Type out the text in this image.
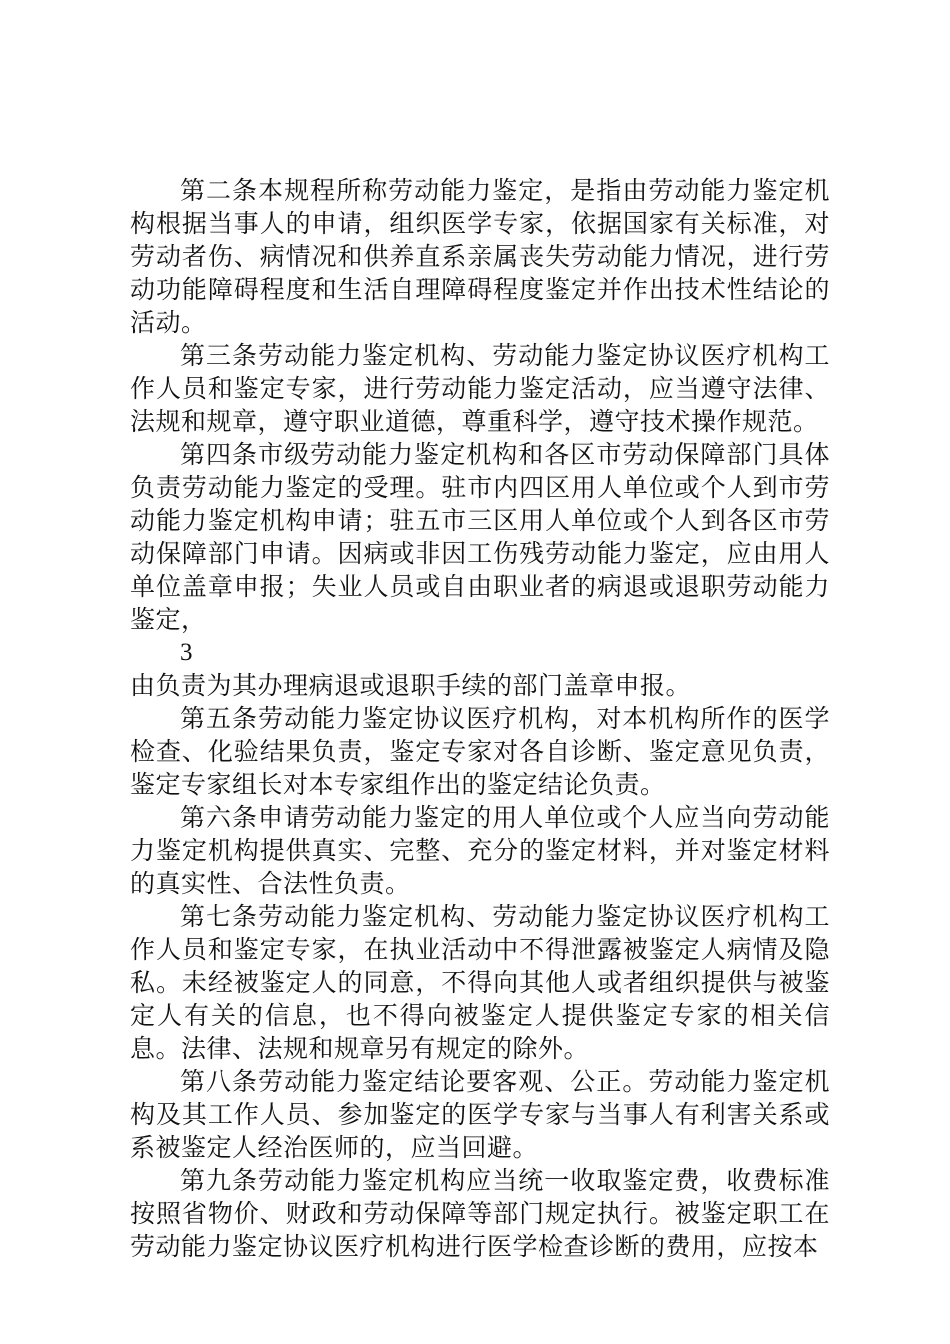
第二条本规程所称劳动能力鉴定，是指由劳动能力鉴定机构根据当事人的申请，组织医学专家，依据国家有关标准，对劳动者伤、病情况和供养直系亲属丧失劳动能力情况，进行劳动功能障碍程度和生活自理障碍程度鉴定并作出技术性结论的活动。

第三条劳动能力鉴定机构、劳动能力鉴定协议医疗机构工作人员和鉴定专家，进行劳动能力鉴定活动，应当遵守法律、法规和规章，遵守职业道德，尊重科学，遵守技术操作规范。

第四条市级劳动能力鉴定机构和各区市劳动保障部门具体负责劳动能力鉴定的受理。驻市内四区用人单位或个人到市劳动能力鉴定机构申请；驻五市三区用人单位或个人到各区市劳动保障部门申请。因病或非因工伤残劳动能力鉴定，应由用人单位盖章申报；失业人员或自由职业者的病退或退职劳动能力鉴定，

3

由负责为其办理病退或退职手续的部门盖章申报。

第五条劳动能力鉴定协议医疗机构，对本机构所作的医学检查、化验结果负责，鉴定专家对各自诊断、鉴定意见负责，鉴定专家组长对本专家组作出的鉴定结论负责。

第六条申请劳动能力鉴定的用人单位或个人应当向劳动能力鉴定机构提供真实、完整、充分的鉴定材料，并对鉴定材料的真实性、合法性负责。

第七条劳动能力鉴定机构、劳动能力鉴定协议医疗机构工作人员和鉴定专家，在执业活动中不得泄露被鉴定人病情及隐私。未经被鉴定人的同意，不得向其他人或者组织提供与被鉴定人有关的信息，也不得向被鉴定人提供鉴定专家的相关信息。法律、法规和规章另有规定的除外。

第八条劳动能力鉴定结论要客观、公正。劳动能力鉴定机构及其工作人员、参加鉴定的医学专家与当事人有利害关系或系被鉴定人经治医师的，应当回避。

第九条劳动能力鉴定机构应当统一收取鉴定费，收费标准按照省物价、财政和劳动保障等部门规定执行。被鉴定职工在劳动能力鉴定协议医疗机构进行医学检查诊断的费用，应按本
